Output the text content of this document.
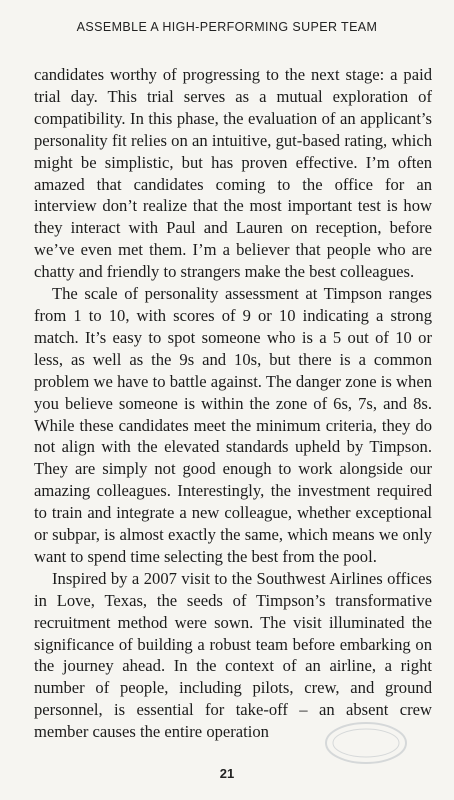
ASSEMBLE A HIGH-PERFORMING SUPER TEAM

candidates worthy of progressing to the next stage: a paid trial day. This trial serves as a mutual exploration of compatibility. In this phase, the evaluation of an applicant’s personality fit relies on an intuitive, gut-based rating, which might be simplistic, but has proven effective. I’m often amazed that candidates coming to the office for an interview don’t realize that the most important test is how they interact with Paul and Lauren on reception, before we’ve even met them. I’m a believer that people who are chatty and friendly to strangers make the best colleagues.

The scale of personality assessment at Timpson ranges from 1 to 10, with scores of 9 or 10 indicating a strong match. It’s easy to spot someone who is a 5 out of 10 or less, as well as the 9s and 10s, but there is a common problem we have to battle against. The danger zone is when you believe someone is within the zone of 6s, 7s, and 8s. While these candidates meet the minimum criteria, they do not align with the elevated standards upheld by Timpson. They are simply not good enough to work alongside our amazing colleagues. Interestingly, the investment required to train and integrate a new colleague, whether exceptional or subpar, is almost exactly the same, which means we only want to spend time selecting the best from the pool.

Inspired by a 2007 visit to the Southwest Airlines offices in Love, Texas, the seeds of Timpson’s transformative recruitment method were sown. The visit illuminated the significance of building a robust team before embarking on the journey ahead. In the context of an airline, a right number of people, including pilots, crew, and ground personnel, is essential for take-off – an absent crew member causes the entire operation

21
